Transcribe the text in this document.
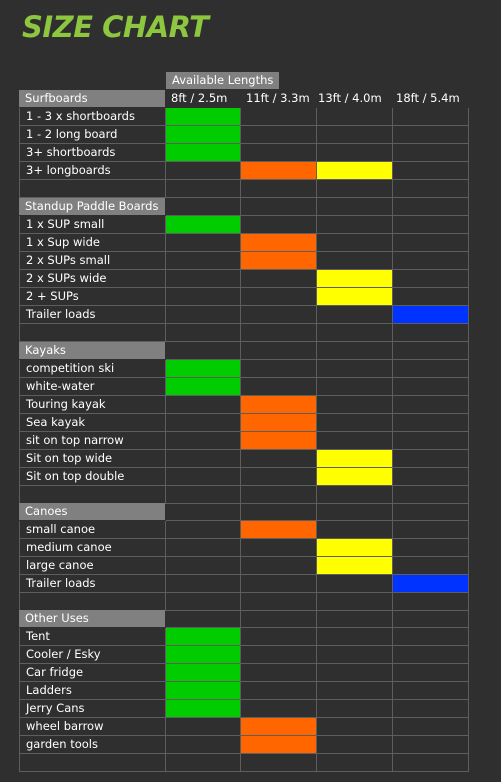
SIZE CHART
Available Lengths
8ft / 2.5m	11ft / 3.3m 13ft / 4.0m	18ft / 5.4m
Surfboards
1 - 3 x shortboards
1 - 2 long board
3+ shortboards
3+ longboards
Standup Paddle Boards
1 x SUP small
1 x Sup wide
2 x SUPs small
2 x SUPs wide
2 + SUPs
Trailer loads
Kayaks
competition ski
white-water
Touring kayak
Sea kayak
sit on top narrow
Sit on top wide
Sit on top double
Canoes
small canoe
medium canoe
large canoe
Trailer loads
Other Uses
Tent
Cooler / Esky
Car fridge
Ladders
Jerry Cans
wheel barrow
garden tools
